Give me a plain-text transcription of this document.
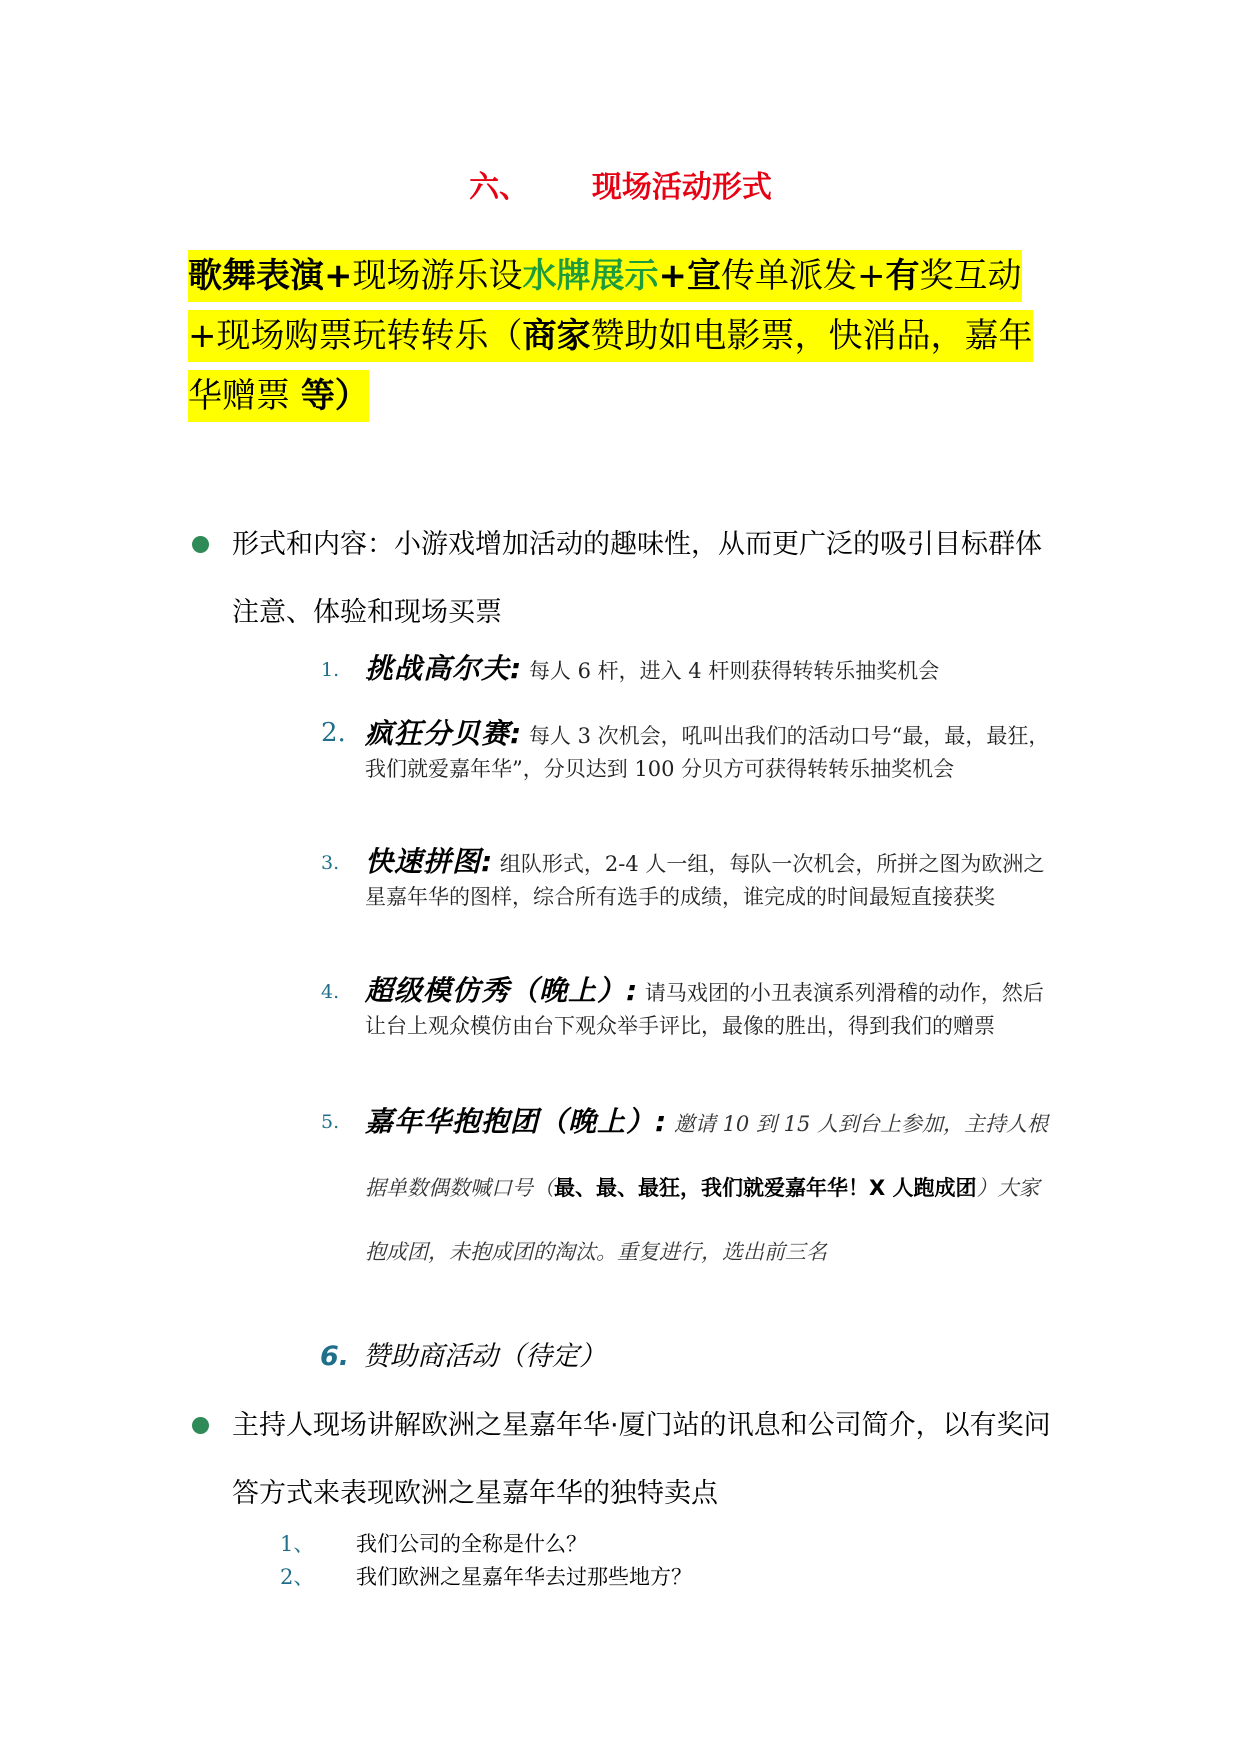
六、      现场活动形式
歌舞表演+现场游乐设水牌展示+宣传单派发+有奖互动+现场购票玩转转乐（商家赞助如电影票，快消品，嘉年华赠票 等）
形式和内容：小游戏增加活动的趣味性，从而更广泛的吸引目标群体注意、体验和现场买票
1. 挑战高尔夫: 每人 6 杆，进入 4 杆则获得转转乐抽奖机会
2. 疯狂分贝赛: 每人 3 次机会，吼叫出我们的活动口号“最，最，最狂，我们就爱嘉年华”，分贝达到 100 分贝方可获得转转乐抽奖机会
3. 快速拼图: 组队形式，2-4 人一组，每队一次机会，所拼之图为欧洲之星嘉年华的图样，综合所有选手的成绩，谁完成的时间最短直接获奖
4. 超级模仿秀（晚上）: 请马戏团的小丑表演系列滑稽的动作，然后让台上观众模仿由台下观众举手评比，最像的胜出，得到我们的赠票
5. 嘉年华抱抱团（晚上）: 邀请 10 到 15 人到台上参加，主持人根据单数偶数喊口号（最、最、最狂，我们就爱嘉年华！X 人跑成团）大家抱成团，未抱成团的淘汰。重复进行，选出前三名
6. 赞助商活动（待定）
主持人现场讲解欧洲之星嘉年华·厦门站的讯息和公司简介，以有奖问答方式来表现欧洲之星嘉年华的独特卖点
1、 我们公司的全称是什么？
2、 我们欧洲之星嘉年华去过那些地方？
